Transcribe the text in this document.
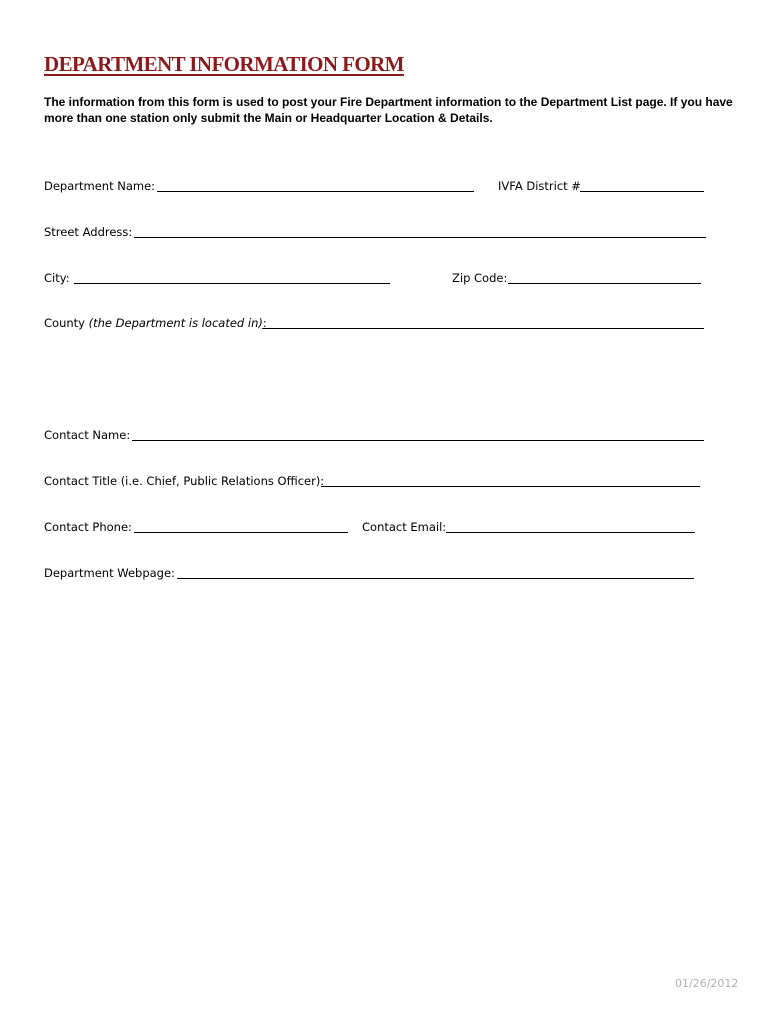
DEPARTMENT INFORMATION FORM
The information from this form is used to post your Fire Department information to the Department List page. If you have more than one station only submit the Main or Headquarter Location & Details.
Department Name:	IVFA District #
Street Address:
City:	Zip Code:
County (the Department is located in):
Contact Name:
Contact Title (i.e. Chief, Public Relations Officer):
Contact Phone:	Contact Email:
Department Webpage:
01/26/2012
